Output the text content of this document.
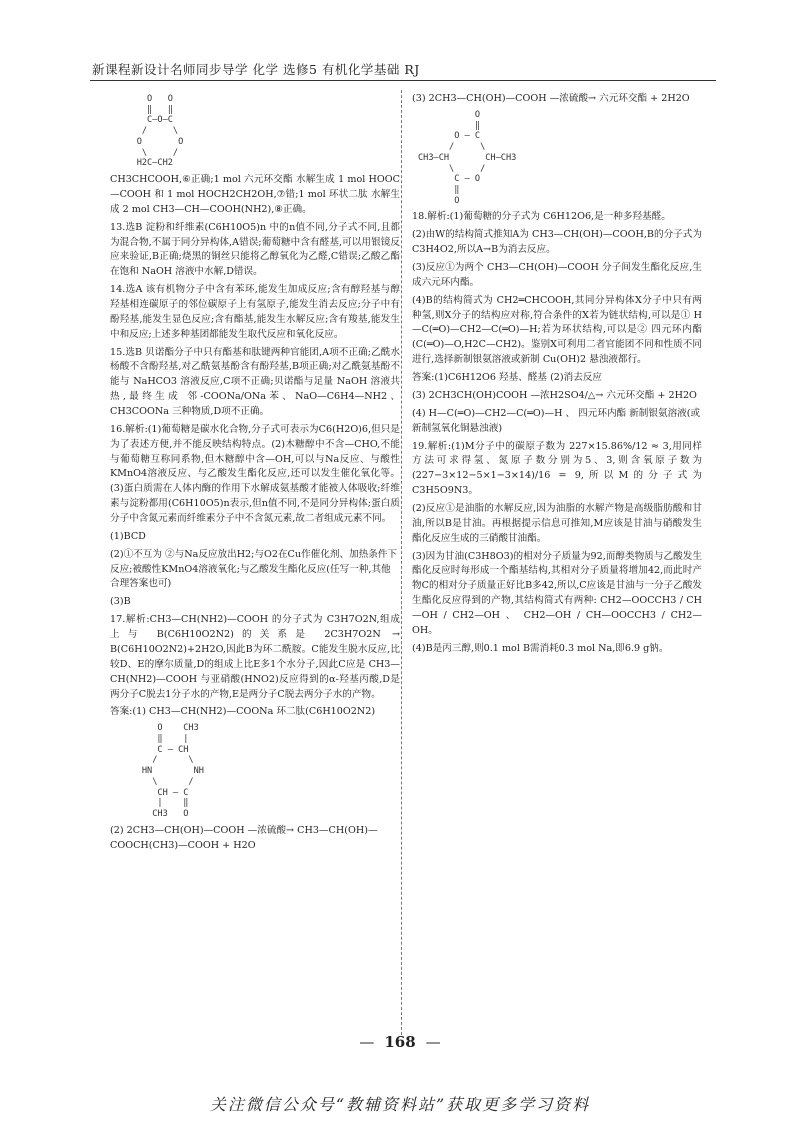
新课程新设计名师同步导学 化学 选修5 有机化学基础 RJ
O   O
‖   ‖
C—O—C
/     \
O       O
\     /
H2C—CH2

CH3CHCOOH,⑥正确;1 mol 六元环交酯 水解生成 1 mol HOOC—COOH 和 1 mol HOCH2CH2OH,⑦错;1 mol 环状二肽 水解生成 2 mol CH3—CH—COOH(NH2),⑧正确。

13.选B 淀粉和纤维素(C6H10O5)n 中的n值不同,分子式不同,且都为混合物,不属于同分异构体,A错误;葡萄糖中含有醛基,可以用银镜反应来验证,B正确;烧黑的铜丝只能将乙醇氧化为乙醛,C错误;乙酸乙酯在饱和 NaOH 溶液中水解,D错误。

14.选A 该有机物分子中含有苯环,能发生加成反应;含有醇羟基与醇羟基相连碳原子的邻位碳原子上有氢原子,能发生消去反应;分子中有酚羟基,能发生显色反应;含有酯基,能发生水解反应;含有羧基,能发生中和反应;上述多种基团都能发生取代反应和氧化反应。

15.选B 贝诺酯分子中只有酯基和肽键两种官能团,A项不正确;乙酰水杨酸不含酚羟基,对乙酰氨基酚含有酚羟基,B项正确;对乙酰氨基酚不能与 NaHCO3 溶液反应,C项不正确;贝诺酯与足量 NaOH 溶液共热,最终生成 邻-COONa/ONa苯、NaO—C6H4—NH2、CH3COONa 三种物质,D项不正确。

16.解析:(1)葡萄糖是碳水化合物,分子式可表示为C6(H2O)6,但只是为了表述方便,并不能反映结构特点。(2)木糖醇中不含—CHO,不能与葡萄糖互称同系物,但木糖醇中含—OH,可以与Na反应、与酸性KMnO4溶液反应、与乙酸发生酯化反应,还可以发生催化氧化等。(3)蛋白质需在人体内酶的作用下水解成氨基酸才能被人体吸收;纤维素与淀粉都用(C6H10O5)n表示,但n值不同,不是同分异构体;蛋白质分子中含氮元素而纤维素分子中不含氮元素,故二者组成元素不同。

(1)BCD

(2)①不互为 ②与Na反应放出H2;与O2在Cu作催化剂、加热条件下反应;被酸性KMnO4溶液氧化;与乙酸发生酯化反应(任写一种,其他合理答案也可)

(3)B

17.解析:CH3—CH(NH2)—COOH 的分子式为 C3H7O2N,组成上与 B(C6H10O2N2)的关系是 2C3H7O2N → B(C6H10O2N2)+2H2O,因此B为环二酰胺。C能发生脱水反应,比较D、E的摩尔质量,D的组成上比E多1个水分子,因此C应是 CH3—CH(NH2)—COOH 与亚硝酸(HNO2)反应得到的α-羟基丙酸,D是两分子C脱去1分子水的产物,E是两分子C脱去两分子水的产物。

答案:(1) CH3—CH(NH2)—COONa 环二肽(C6H10O2N2)

O    CH3
‖    |
C — CH
/      \
HN        NH
\      /
CH — C
|    ‖
CH3   O

(2) 2CH3—CH(OH)—COOH —浓硫酸→ CH3—CH(OH)—COOCH(CH3)—COOH + H2O

(3) 2CH3—CH(OH)—COOH —浓硫酸→ 六元环交酯 + 2H2O

O
‖
O — C
/     \
CH3—CH       CH—CH3
\     /
C — O
‖
O

18.解析:(1)葡萄糖的分子式为 C6H12O6,是一种多羟基醛。

(2)由W的结构简式推知A为 CH3—CH(OH)—COOH,B的分子式为 C3H4O2,所以A→B为消去反应。

(3)反应①为两个 CH3—CH(OH)—COOH 分子间发生酯化反应,生成六元环内酯。

(4)B的结构简式为 CH2═CHCOOH,其同分异构体X分子中只有两种氢,则X分子的结构应对称,符合条件的X若为链状结构,可以是① H—C(═O)—CH2—C(═O)—H;若为环状结构,可以是② 四元环内酯(C(═O)—O,H2C—CH2)。鉴别X可利用二者官能团不同和性质不同进行,选择新制银氨溶液或新制 Cu(OH)2 悬浊液都行。

答案:(1)C6H12O6 羟基、醛基 (2)消去反应

(3) 2CH3CH(OH)COOH —浓H2SO4/△→ 六元环交酯 + 2H2O

(4) H—C(═O)—CH2—C(═O)—H 、 四元环内酯 新制银氨溶液(或新制氢氧化铜悬浊液)

19.解析:(1)M分子中的碳原子数为 227×15.86%/12 ≈ 3,用同样方法可求得氢、氮原子数分别为5、3,则含氧原子数为 (227−3×12−5×1−3×14)/16 = 9,所以M的分子式为 C3H5O9N3。

(2)反应①是油脂的水解反应,因为油脂的水解产物是高级脂肪酸和甘油,所以B是甘油。再根据提示信息可推知,M应该是甘油与硝酸发生酯化反应生成的三硝酸甘油酯。

(3)因为甘油(C3H8O3)的相对分子质量为92,而醇类物质与乙酸发生酯化反应时每形成一个酯基结构,其相对分子质量将增加42,而此时产物C的相对分子质量正好比B多42,所以,C应该是甘油与一分子乙酸发生酯化反应得到的产物,其结构简式有两种: CH2—OOCCH3 / CH—OH / CH2—OH 、 CH2—OH / CH—OOCCH3 / CH2—OH。

(4)B是丙三醇,则0.1 mol B需消耗0.3 mol Na,即6.9 g钠。

— 168 —
关注微信公众号“教辅资料站”获取更多学习资料
